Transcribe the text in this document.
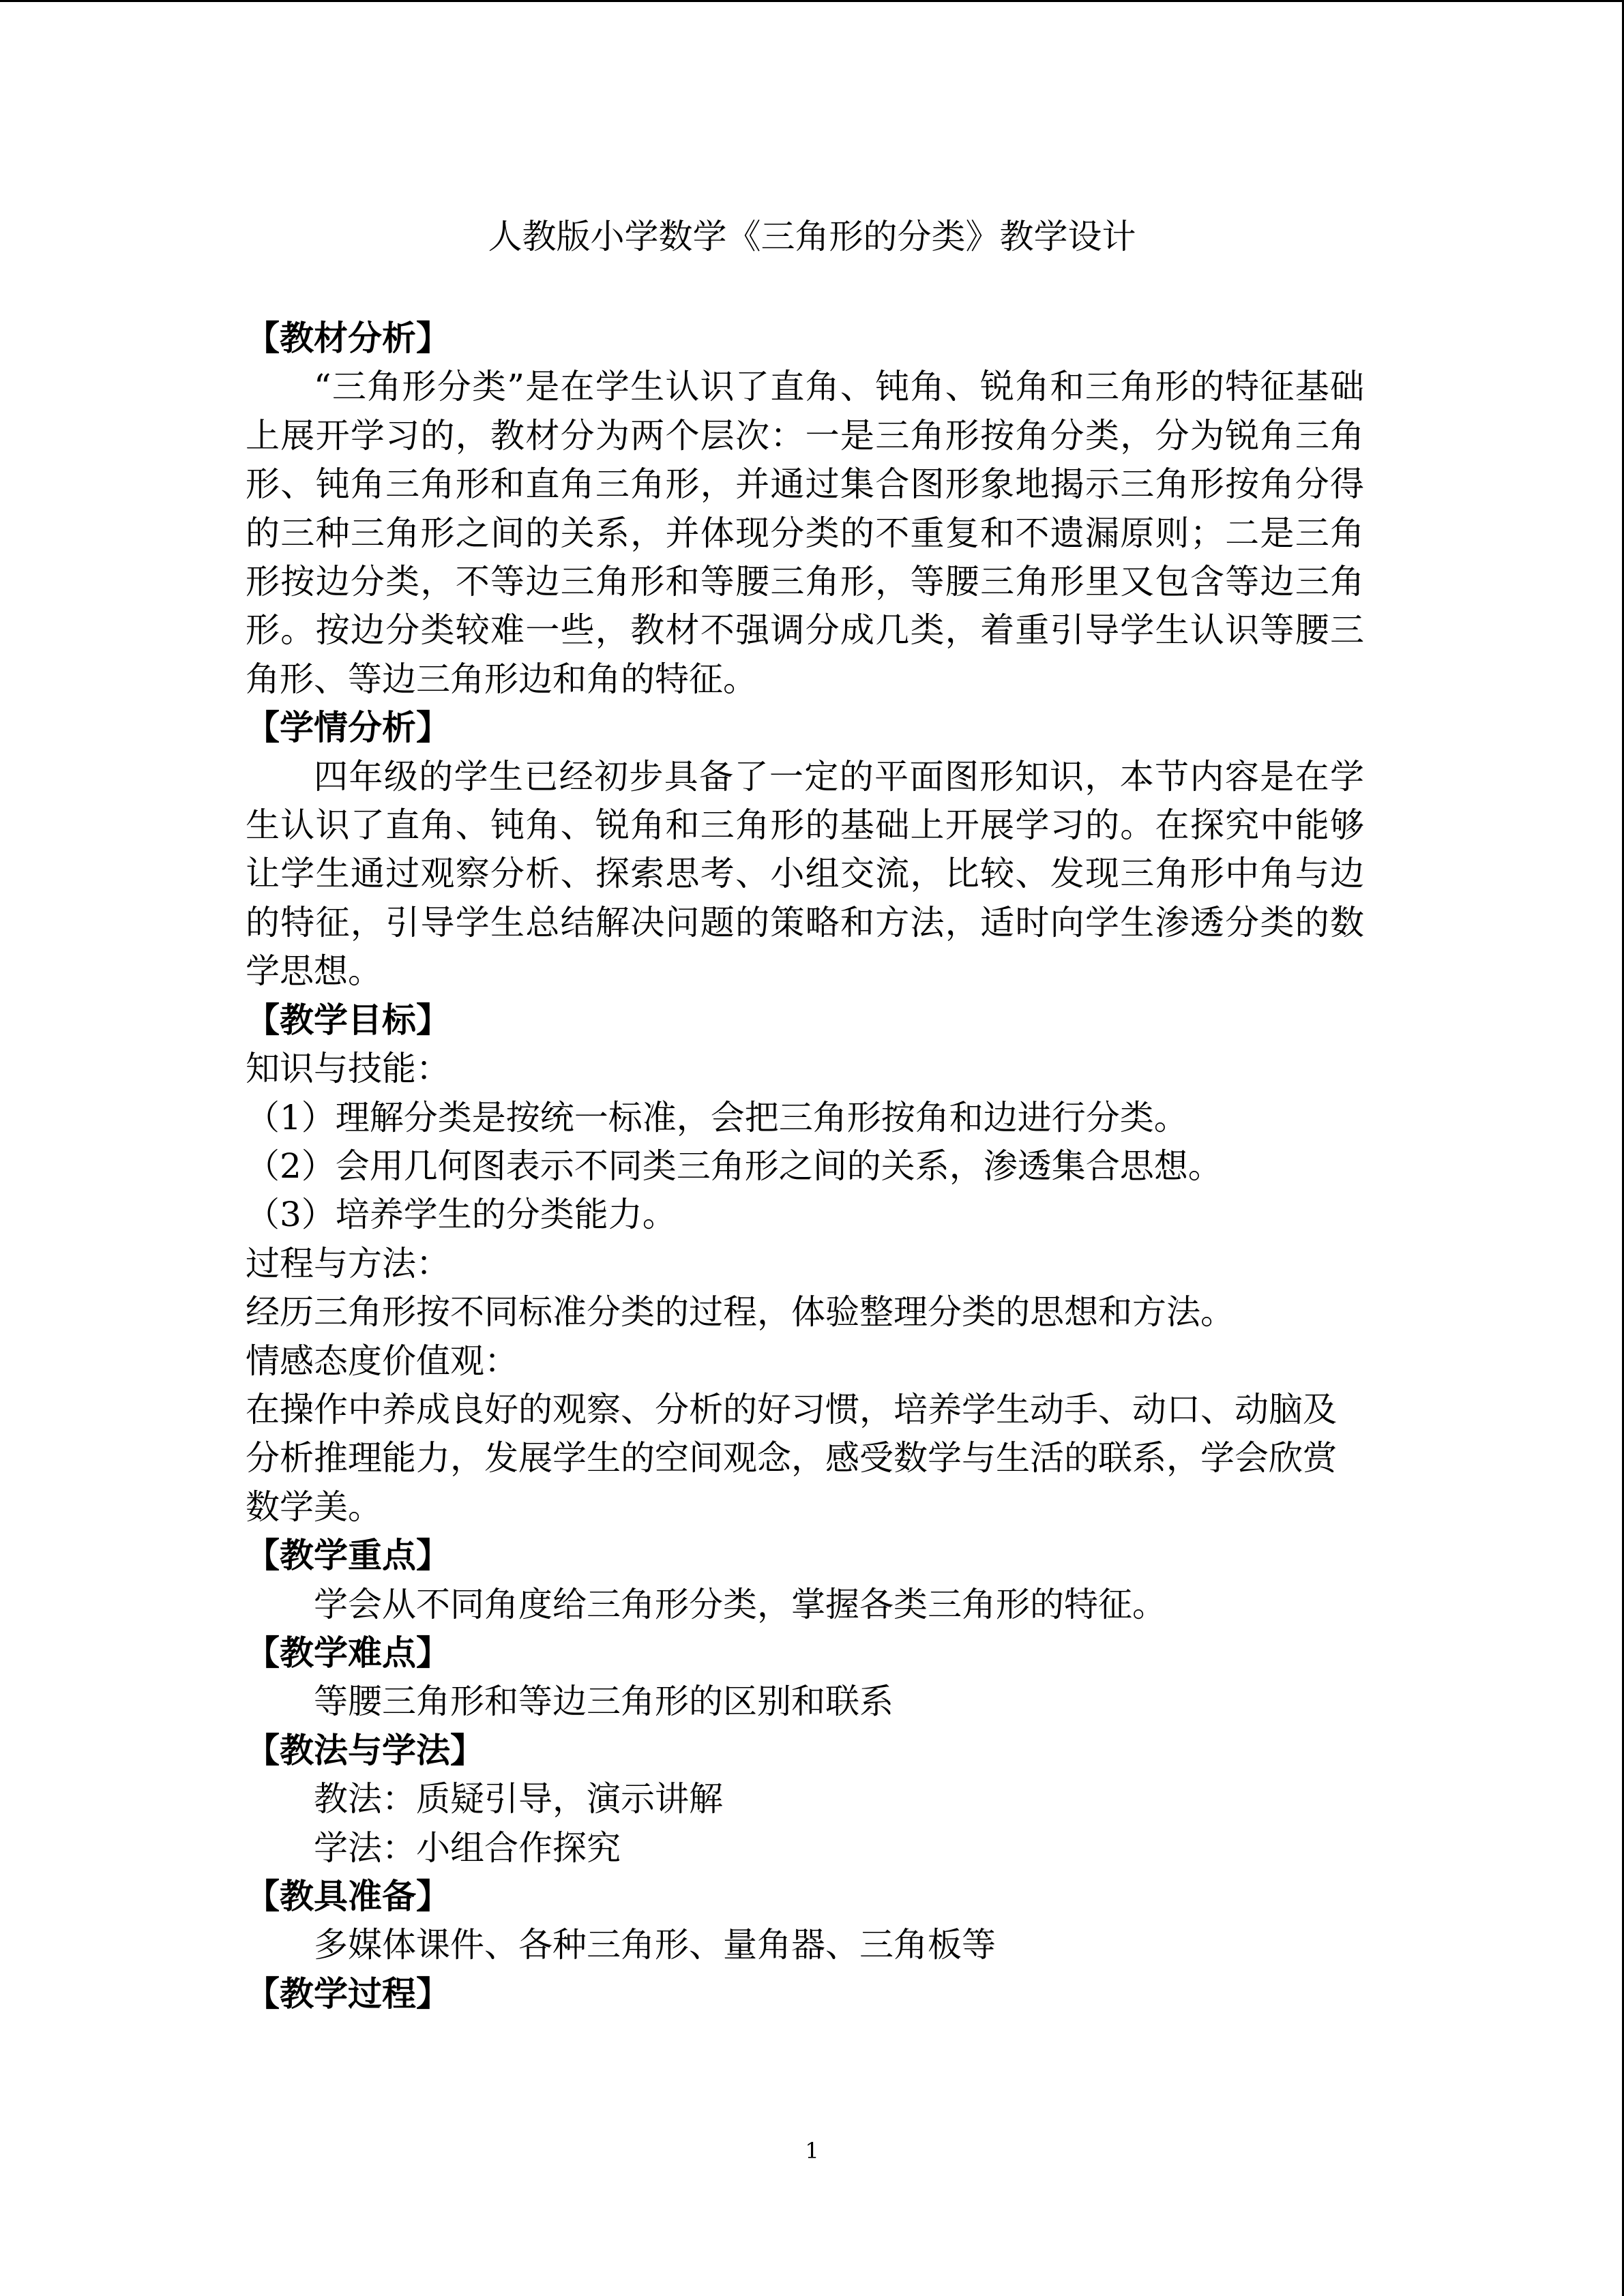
人教版小学数学《三角形的分类》教学设计
【教材分析】

“三角形分类”是在学生认识了直角、钝角、锐角和三角形的特征基础上展开学习的，教材分为两个层次：一是三角形按角分类，分为锐角三角形、钝角三角形和直角三角形，并通过集合图形象地揭示三角形按角分得的三种三角形之间的关系，并体现分类的不重复和不遗漏原则；二是三角形按边分类，不等边三角形和等腰三角形，等腰三角形里又包含等边三角形。按边分类较难一些，教材不强调分成几类，着重引导学生认识等腰三角形、等边三角形边和角的特征。

【学情分析】

四年级的学生已经初步具备了一定的平面图形知识，本节内容是在学生认识了直角、钝角、锐角和三角形的基础上开展学习的。在探究中能够让学生通过观察分析、探索思考、小组交流，比较、发现三角形中角与边的特征，引导学生总结解决问题的策略和方法，适时向学生渗透分类的数学思想。

【教学目标】

知识与技能：

（1）理解分类是按统一标准，会把三角形按角和边进行分类。

（2）会用几何图表示不同类三角形之间的关系，渗透集合思想。

（3）培养学生的分类能力。

过程与方法：

经历三角形按不同标准分类的过程，体验整理分类的思想和方法。

情感态度价值观：

在操作中养成良好的观察、分析的好习惯，培养学生动手、动口、动脑及分析推理能力，发展学生的空间观念，感受数学与生活的联系，学会欣赏数学美。

【教学重点】

学会从不同角度给三角形分类，掌握各类三角形的特征。

【教学难点】

等腰三角形和等边三角形的区别和联系

【教法与学法】

教法：质疑引导，演示讲解

学法：小组合作探究

【教具准备】

多媒体课件、各种三角形、量角器、三角板等

【教学过程】
1
